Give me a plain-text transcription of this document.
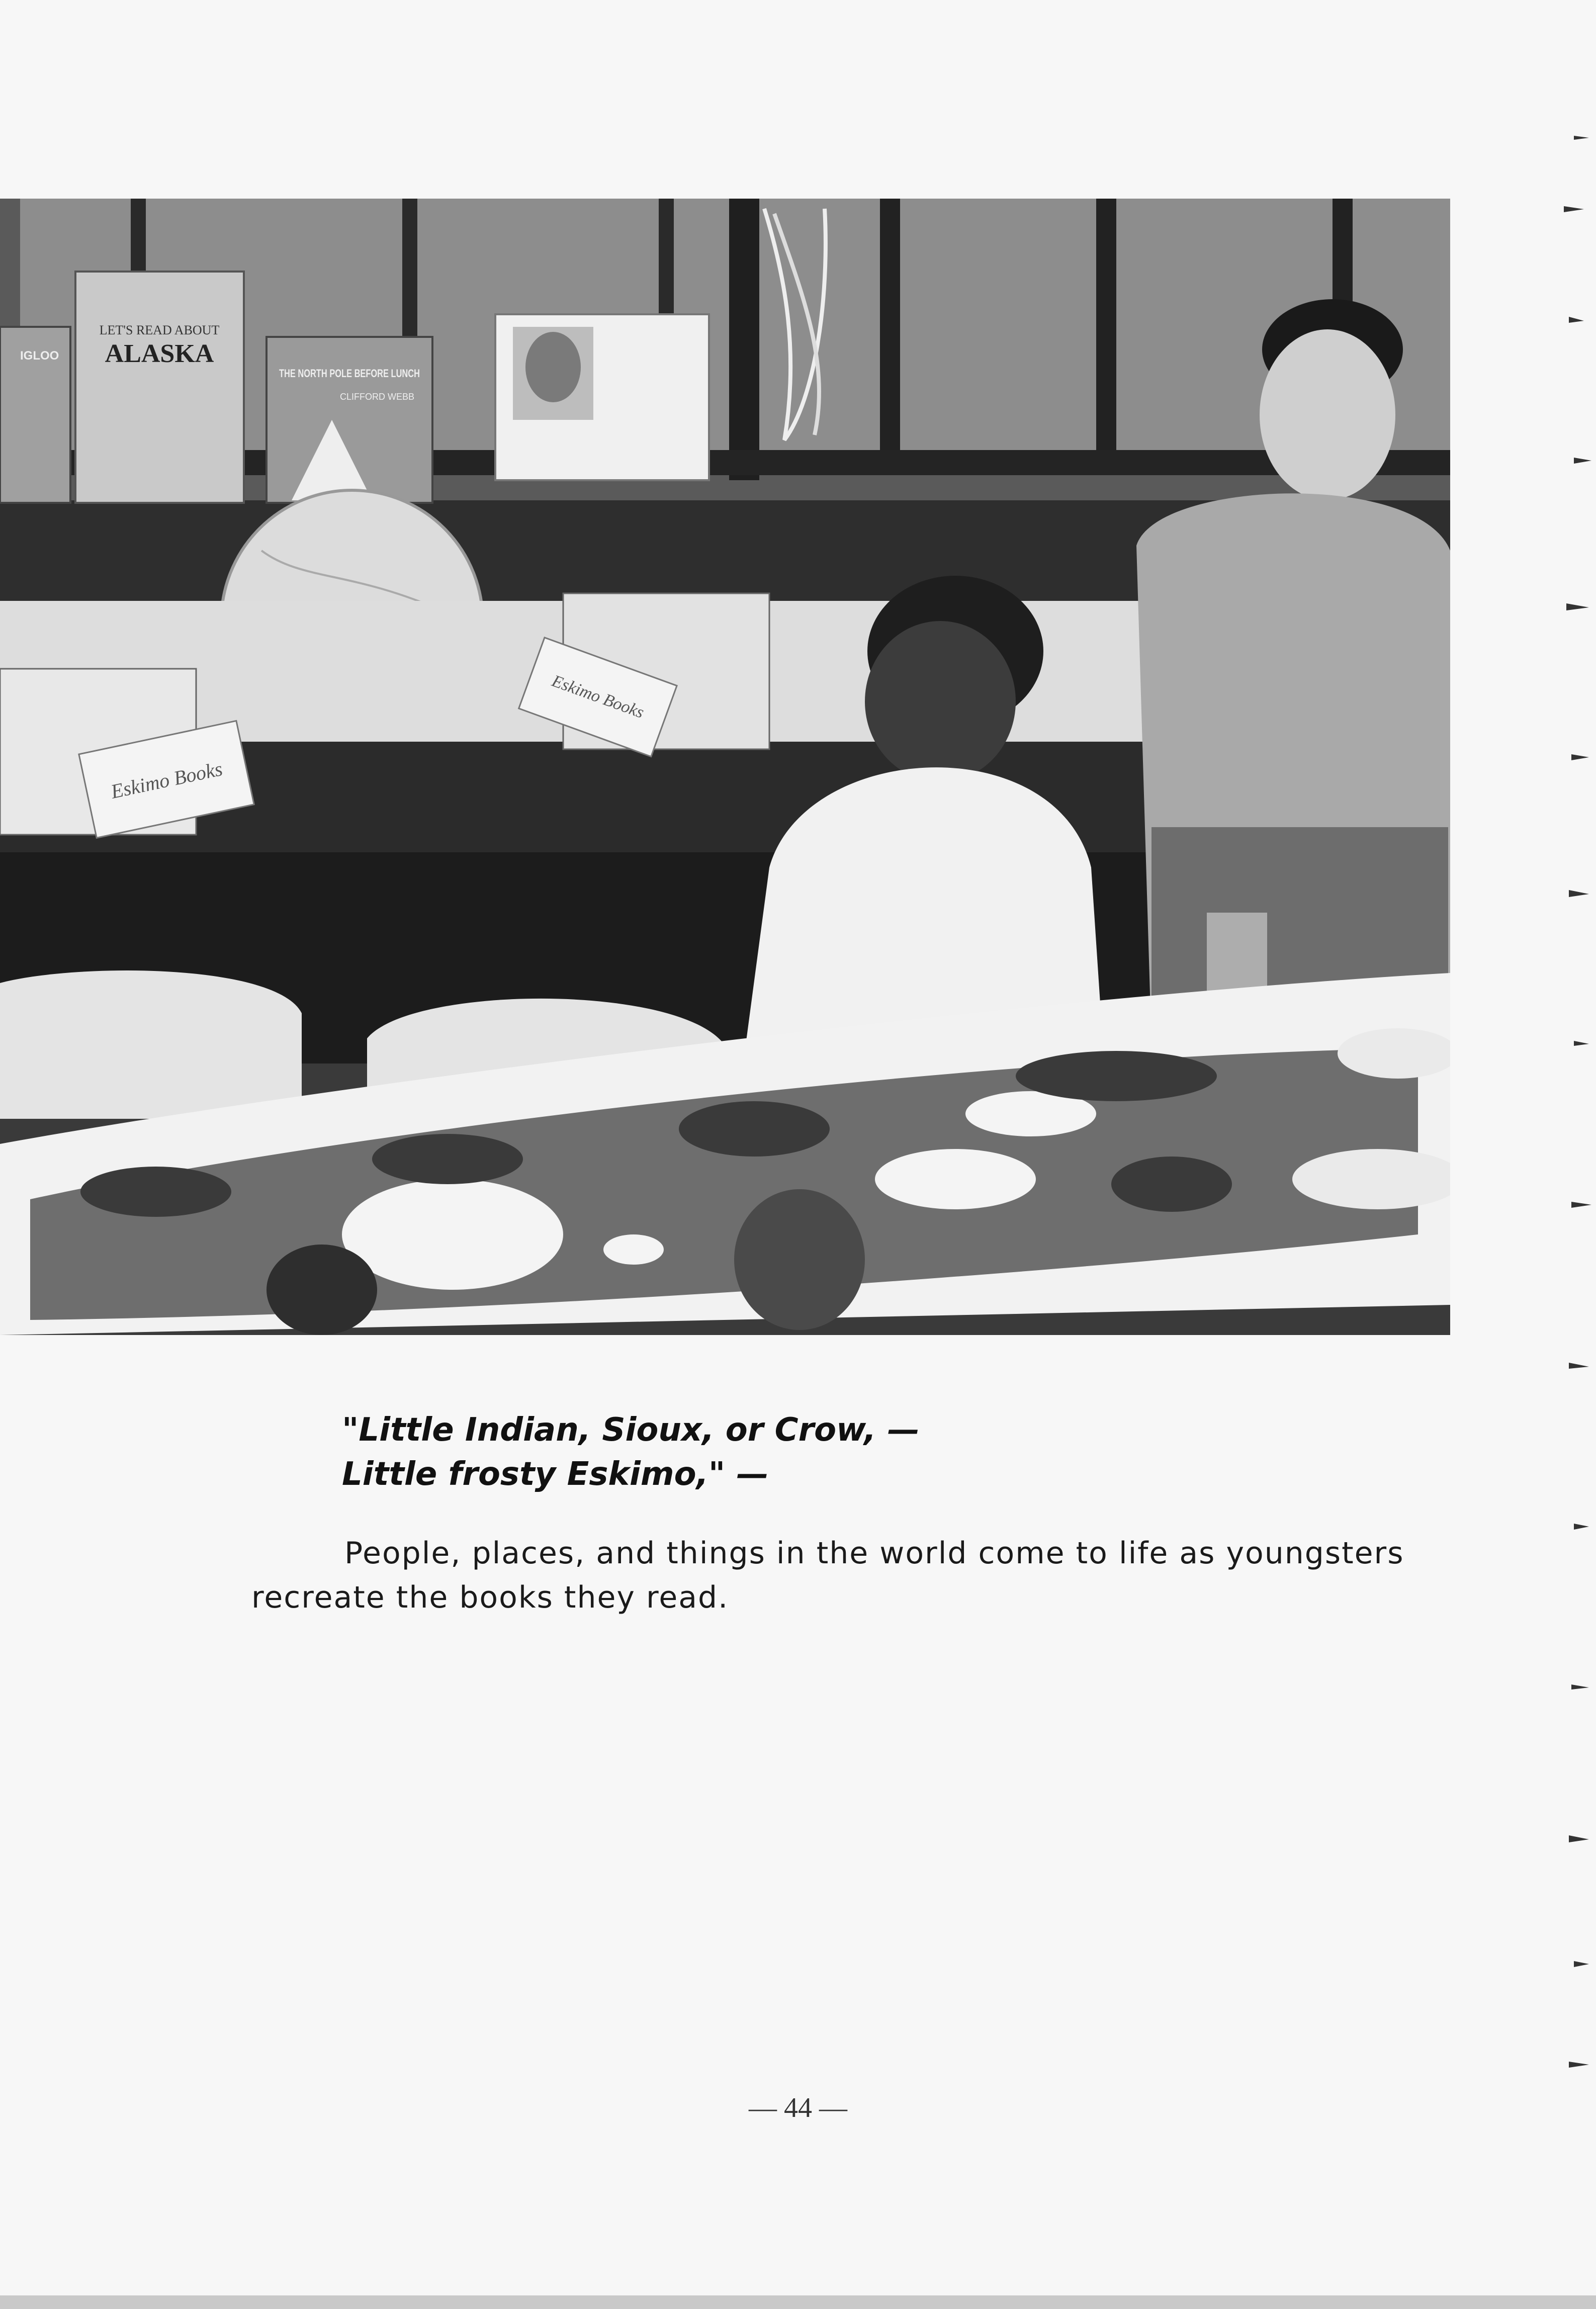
LET'S READ ABOUT
ALASKA
THE NORTH POLE BEFORE LUNCH
CLIFFORD WEBB
IGLOO
Eskimo Books
Eskimo Books
"Little Indian, Sioux, or Crow, —
Little frosty Eskimo," —
People, places, and things in the world come to life as youngsters
recreate the books they read.
— 44 —
